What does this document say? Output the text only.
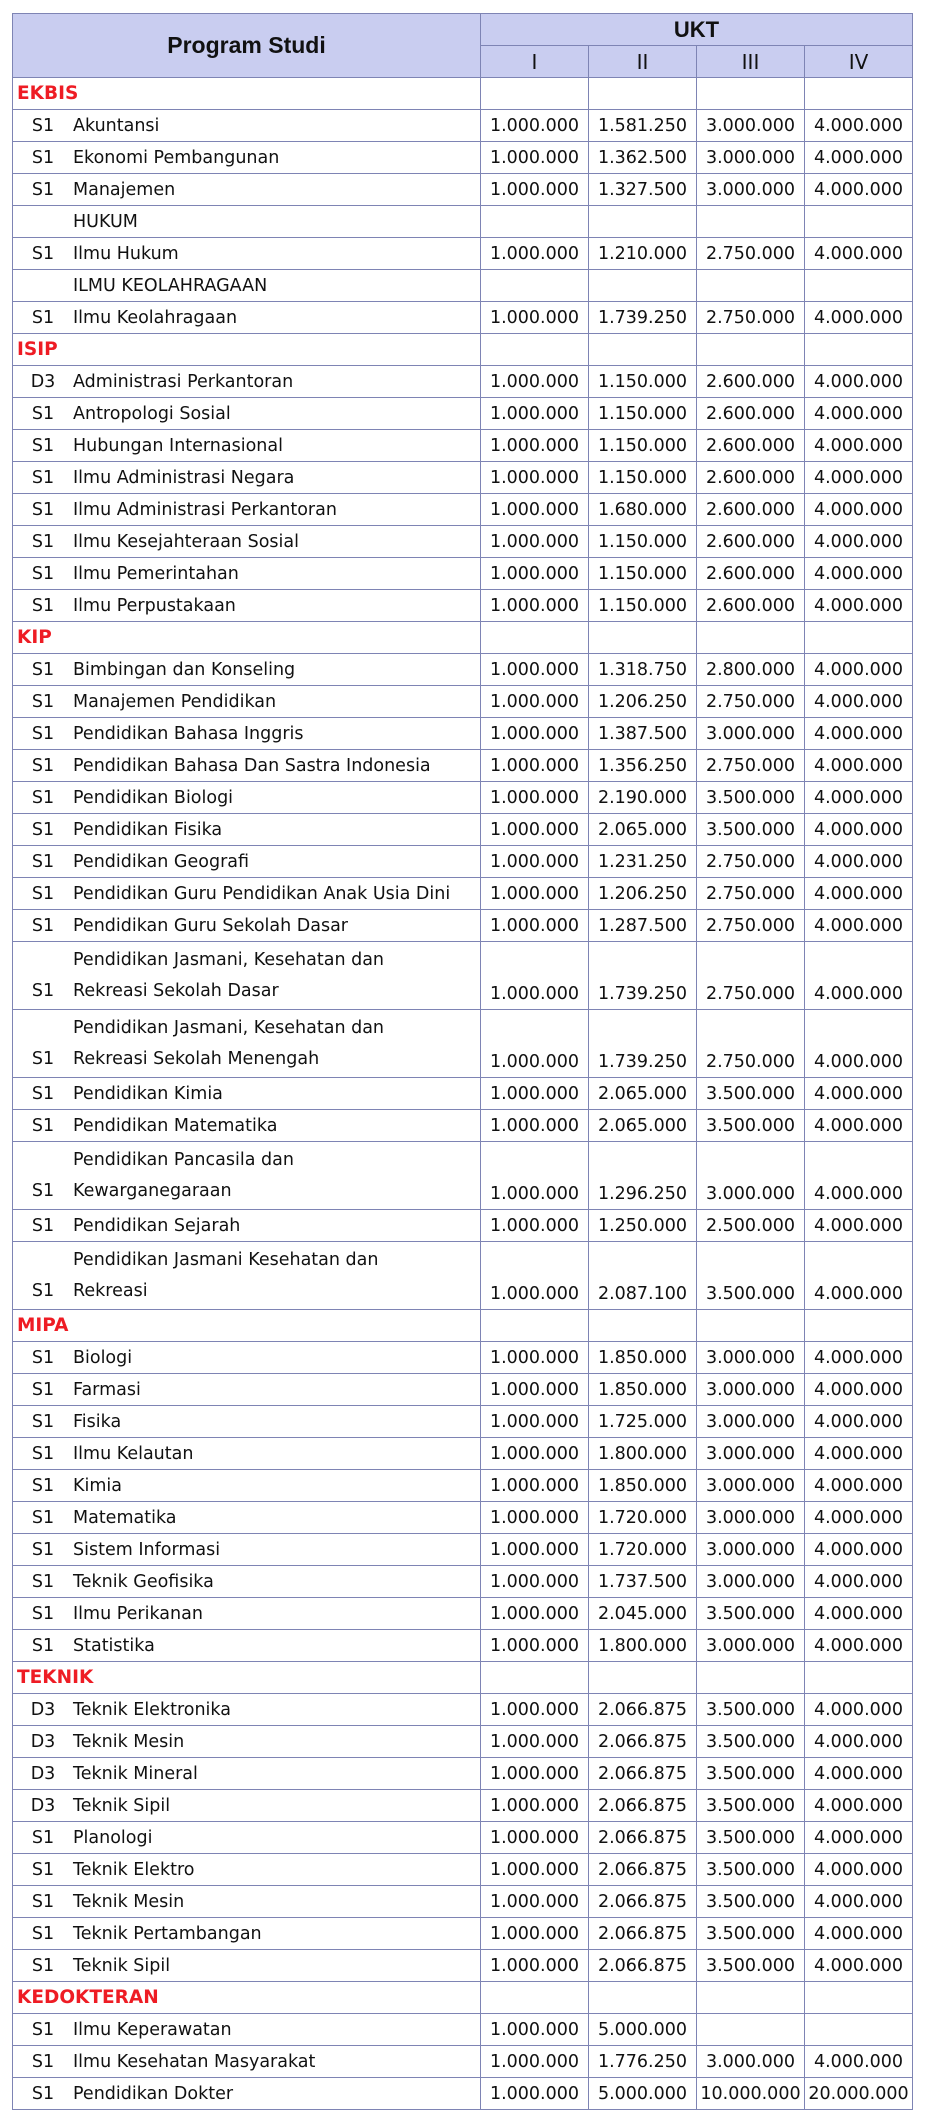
Program Studi	UKT			
	I	II	III	IV
EKBIS				

S1 Akuntansi	1.000.000	1.581.250	3.000.000	4.000.000

S1 Ekonomi Pembangunan	1.000.000	1.362.500	3.000.000	4.000.000

S1 Manajemen	1.000.000	1.327.500	3.000.000	4.000.000
HUKUM				

S1 Ilmu Hukum	1.000.000	1.210.000	2.750.000	4.000.000
ILMU KEOLAHRAGAAN				

S1 Ilmu Keolahragaan	1.000.000	1.739.250	2.750.000	4.000.000
ISIP				

D3 Administrasi Perkantoran	1.000.000	1.150.000	2.600.000	4.000.000

S1 Antropologi Sosial	1.000.000	1.150.000	2.600.000	4.000.000

S1 Hubungan Internasional	1.000.000	1.150.000	2.600.000	4.000.000

S1 Ilmu Administrasi Negara	1.000.000	1.150.000	2.600.000	4.000.000

S1 Ilmu Administrasi Perkantoran	1.000.000	1.680.000	2.600.000	4.000.000

S1 Ilmu Kesejahteraan Sosial	1.000.000	1.150.000	2.600.000	4.000.000

S1 Ilmu Pemerintahan	1.000.000	1.150.000	2.600.000	4.000.000

S1 Ilmu Perpustakaan	1.000.000	1.150.000	2.600.000	4.000.000
KIP				

S1 Bimbingan dan Konseling	1.000.000	1.318.750	2.800.000	4.000.000

S1 Manajemen Pendidikan	1.000.000	1.206.250	2.750.000	4.000.000

S1 Pendidikan Bahasa Inggris	1.000.000	1.387.500	3.000.000	4.000.000

S1 Pendidikan Bahasa Dan Sastra Indonesia	1.000.000	1.356.250	2.750.000	4.000.000

S1 Pendidikan Biologi	1.000.000	2.190.000	3.500.000	4.000.000

S1 Pendidikan Fisika	1.000.000	2.065.000	3.500.000	4.000.000

S1 Pendidikan Geografi	1.000.000	1.231.250	2.750.000	4.000.000

S1 Pendidikan Guru Pendidikan Anak Usia Dini	1.000.000	1.206.250	2.750.000	4.000.000

S1 Pendidikan Guru Sekolah Dasar	1.000.000	1.287.500	2.750.000	4.000.000

S1
Pendidikan Jasmani, Kesehatan dan Rekreasi Sekolah Dasar	1.000.000	1.739.250	2.750.000	4.000.000

S1
Pendidikan Jasmani, Kesehatan dan Rekreasi Sekolah Menengah	1.000.000	1.739.250	2.750.000	4.000.000

S1 Pendidikan Kimia	1.000.000	2.065.000	3.500.000	4.000.000

S1 Pendidikan Matematika	1.000.000	2.065.000	3.500.000	4.000.000

S1
Pendidikan Pancasila dan Kewarganegaraan	1.000.000	1.296.250	3.000.000	4.000.000

S1 Pendidikan Sejarah	1.000.000	1.250.000	2.500.000	4.000.000

S1
Pendidikan Jasmani Kesehatan dan Rekreasi	1.000.000	2.087.100	3.500.000	4.000.000
MIPA				

S1 Biologi	1.000.000	1.850.000	3.000.000	4.000.000

S1 Farmasi	1.000.000	1.850.000	3.000.000	4.000.000

S1 Fisika	1.000.000	1.725.000	3.000.000	4.000.000

S1 Ilmu Kelautan	1.000.000	1.800.000	3.000.000	4.000.000

S1 Kimia	1.000.000	1.850.000	3.000.000	4.000.000

S1 Matematika	1.000.000	1.720.000	3.000.000	4.000.000

S1 Sistem Informasi	1.000.000	1.720.000	3.000.000	4.000.000

S1 Teknik Geofisika	1.000.000	1.737.500	3.000.000	4.000.000

S1 Ilmu Perikanan	1.000.000	2.045.000	3.500.000	4.000.000

S1 Statistika	1.000.000	1.800.000	3.000.000	4.000.000
TEKNIK				

D3 Teknik Elektronika	1.000.000	2.066.875	3.500.000	4.000.000

D3 Teknik Mesin	1.000.000	2.066.875	3.500.000	4.000.000

D3 Teknik Mineral	1.000.000	2.066.875	3.500.000	4.000.000

D3 Teknik Sipil	1.000.000	2.066.875	3.500.000	4.000.000

S1 Planologi	1.000.000	2.066.875	3.500.000	4.000.000

S1 Teknik Elektro	1.000.000	2.066.875	3.500.000	4.000.000

S1 Teknik Mesin	1.000.000	2.066.875	3.500.000	4.000.000

S1 Teknik Pertambangan	1.000.000	2.066.875	3.500.000	4.000.000

S1 Teknik Sipil	1.000.000	2.066.875	3.500.000	4.000.000
KEDOKTERAN				

S1 Ilmu Keperawatan	1.000.000	5.000.000		

S1 Ilmu Kesehatan Masyarakat	1.000.000	1.776.250	3.000.000	4.000.000

S1 Pendidikan Dokter	1.000.000	5.000.000	10.000.000	20.000.000
